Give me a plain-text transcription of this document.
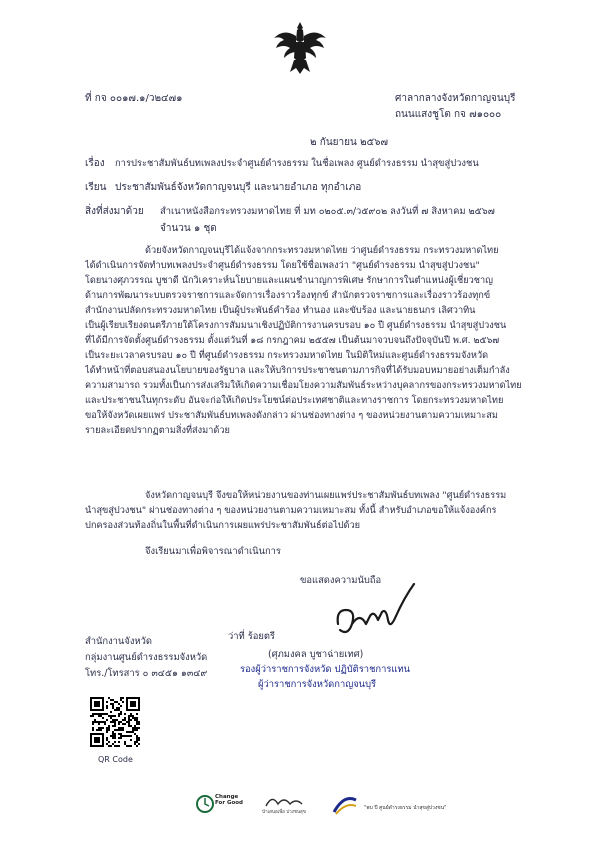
ที่ กจ ๐๐๑๗.๑/ว๒๔๗๑	ศาลากลางจังหวัดกาญจนบุรี
ถนนแสงชูโต กจ ๗๑๐๐๐
๒ กันยายน ๒๕๖๗
เรื่อง การประชาสัมพันธ์บทเพลงประจำศูนย์ดำรงธรรม ในชื่อเพลง ศูนย์ดำรงธรรม นำสุขสู่ปวงชน
เรียน ประชาสัมพันธ์จังหวัดกาญจนบุรี และนายอำเภอ ทุกอำเภอ
สิ่งที่ส่งมาด้วย สำเนาหนังสือกระทรวงมหาดไทย ที่ มท ๐๒๐๕.๓/ว๕๙๐๒ ลงวันที่ ๗ สิงหาคม ๒๕๖๗
จำนวน ๑ ชุด
ด้วยจังหวัดกาญจนบุรีได้แจ้งจากกระทรวงมหาดไทย ว่าศูนย์ดำรงธรรม กระทรวงมหาดไทย
ได้ดำเนินการจัดทำบทเพลงประจำศูนย์ดำรงธรรม โดยใช้ชื่อเพลงว่า "ศูนย์ดำรงธรรม นำสุขสู่ปวงชน"
โดยนางศุภวรรณ บูชาดี นักวิเคราะห์นโยบายและแผนชำนาญการพิเศษ รักษาการในตำแหน่งผู้เชี่ยวชาญ
ด้านการพัฒนาระบบตรวจราชการและจัดการเรื่องราวร้องทุกข์ สำนักตรวจราชการและเรื่องราวร้องทุกข์
สำนักงานปลัดกระทรวงมหาดไทย เป็นผู้ประพันธ์คำร้อง ทำนอง และขับร้อง และนายธนกร เลิศวาทิน
เป็นผู้เรียบเรียงดนตรีภายใต้โครงการสัมมนาเชิงปฏิบัติการงานครบรอบ ๑๐ ปี ศูนย์ดำรงธรรม นำสุขสู่ปวงชน
ที่ได้มีการจัดตั้งศูนย์ดำรงธรรม ตั้งแต่วันที่ ๑๘ กรกฎาคม ๒๕๕๗ เป็นต้นมาจวบจนถึงปัจจุบันปี พ.ศ. ๒๕๖๗
เป็นระยะเวลาครบรอบ ๑๐ ปี ที่ศูนย์ดำรงธรรม กระทรวงมหาดไทย ในมิติใหม่และศูนย์ดำรงธรรมจังหวัด
ได้ทำหน้าที่ตอบสนองนโยบายของรัฐบาล และให้บริการประชาชนตามภารกิจที่ได้รับมอบหมายอย่างเต็มกำลัง
ความสามารถ รวมทั้งเป็นการส่งเสริมให้เกิดความเชื่อมโยงความสัมพันธ์ระหว่างบุคลากรของกระทรวงมหาดไทย
และประชาชนในทุกระดับ อันจะก่อให้เกิดประโยชน์ต่อประเทศชาติและทางราชการ โดยกระทรวงมหาดไทย
ขอให้จังหวัดเผยแพร่ ประชาสัมพันธ์บทเพลงดังกล่าว ผ่านช่องทางต่าง ๆ ของหน่วยงานตามความเหมาะสม
รายละเอียดปรากฏตามสิ่งที่ส่งมาด้วย
จังหวัดกาญจนบุรี จึงขอให้หน่วยงานของท่านเผยแพร่ประชาสัมพันธ์บทเพลง "ศูนย์ดำรงธรรม
นำสุขสู่ปวงชน" ผ่านช่องทางต่าง ๆ ของหน่วยงานตามความเหมาะสม ทั้งนี้ สำหรับอำเภอขอให้แจ้งองค์กร
ปกครองส่วนท้องถิ่นในพื้นที่ดำเนินการเผยแพร่ประชาสัมพันธ์ต่อไปด้วย
จึงเรียนมาเพื่อพิจารณาดำเนินการ
ขอแสดงความนับถือ
ว่าที่ ร้อยตรี
(ศุภมงคล บูชาฉ่ายเทศ)
รองผู้ว่าราชการจังหวัด ปฏิบัติราชการแทน
ผู้ว่าราชการจังหวัดกาญจนบุรี
สำนักงานจังหวัด
กลุ่มงานศูนย์ดำรงธรรมจังหวัด
โทร./โทรสาร ๐ ๓๔๕๑ ๑๓๔๙
QR Code
Change For Good
นำเสนอเพื่อ ปวงชนสุข
"พบ ปี ศูนย์ดำรงธรรม นำสุขสู่ปวงชน"
